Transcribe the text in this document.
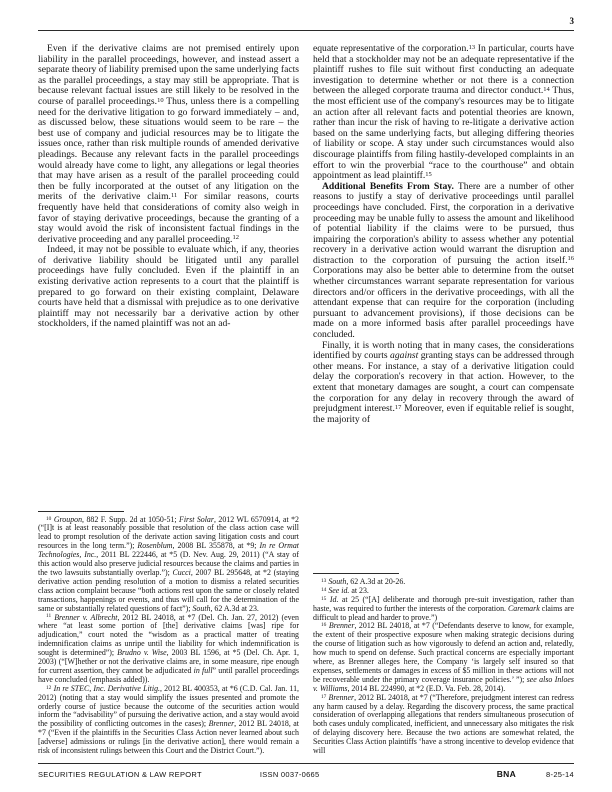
3

Even if the derivative claims are not premised entirely upon liability in the parallel proceedings, however, and instead assert a separate theory of liability premised upon the same underlying facts as the parallel proceedings, a stay may still be appropriate. That is because relevant factual issues are still likely to be resolved in the course of parallel proceedings.$^{10}$ Thus, unless there is a compelling need for the derivative litigation to go forward immediately – and, as discussed below, these situations would seem to be rare – the best use of company and judicial resources may be to litigate the issues once, rather than risk multiple rounds of amended derivative pleadings. Because any relevant facts in the parallel proceedings would already have come to light, any allegations or legal theories that may have arisen as a result of the parallel proceeding could then be fully incorporated at the outset of any litigation on the merits of the derivative claim.$^{11}$ For similar reasons, courts frequently have held that considerations of comity also weigh in favor of staying derivative proceedings, because the granting of a stay would avoid the risk of inconsistent factual findings in the derivative proceeding and any parallel proceeding.$^{12}$

Indeed, it may not be possible to evaluate which, if any, theories of derivative liability should be litigated until any parallel proceedings have fully concluded. Even if the plaintiff in an existing derivative action represents to a court that the plaintiff is prepared to go forward on their existing complaint, Delaware courts have held that a dismissal with prejudice as to one derivative plaintiff may not necessarily bar a derivative action by other stockholders, if the named plaintiff was not an ad-

$^{10}$ Groupon, 882 F. Supp. 2d at 1050-51; First Solar, 2012 WL 6570914, at *2 (“[I]t is at least reasonably possible that resolution of the class action case will lead to prompt resolution of the derivate action saving litigation costs and court resources in the long term.”); Rosenblum, 2008 BL 355878, at *9; In re Ormat Technologies, Inc., 2011 BL 222446, at *5 (D. Nev. Aug. 29, 2011) (“A stay of this action would also preserve judicial resources because the claims and parties in the two lawsuits substantially overlap.”); Cucci, 2007 BL 295648, at *2 (staying derivative action pending resolution of a motion to dismiss a related securities class action complaint because “both actions rest upon the same or closely related transactions, happenings or events, and thus will call for the determination of the same or substantially related questions of fact”); South, 62 A.3d at 23.

$^{11}$ Brenner v. Albrecht, 2012 BL 24018, at *7 (Del. Ch. Jan. 27, 2012) (even where “at least some portion of [the] derivative claims [was] ripe for adjudication,” court noted the “wisdom as a practical matter of treating indemnification claims as unripe until the liability for which indemnification is sought is determined”); Brudno v. Wise, 2003 BL 1596, at *5 (Del. Ch. Apr. 1, 2003) (“[W]hether or not the derivative claims are, in some measure, ripe enough for current assertion, they cannot be adjudicated in full” until parallel proceedings have concluded (emphasis added)).

$^{12}$ In re STEC, Inc. Derivative Litig., 2012 BL 400353, at *6 (C.D. Cal. Jan. 11, 2012) (noting that a stay would simplify the issues presented and promote the orderly course of justice because the outcome of the securities action would inform the “advisability” of pursuing the derivative action, and a stay would avoid the possibility of conflicting outcomes in the cases); Brenner, 2012 BL 24018, at *7 (“Even if the plaintiffs in the Securities Class Action never learned about such [adverse] admissions or rulings [in the derivative action], there would remain a risk of inconsistent rulings between this Court and the District Court.”).

equate representative of the corporation.$^{13}$ In particular, courts have held that a stockholder may not be an adequate representative if the plaintiff rushes to file suit without first conducting an adequate investigation to determine whether or not there is a connection between the alleged corporate trauma and director conduct.$^{14}$ Thus, the most efficient use of the company's resources may be to litigate an action after all relevant facts and potential theories are known, rather than incur the risk of having to re-litigate a derivative action based on the same underlying facts, but alleging differing theories of liability or scope. A stay under such circumstances would also discourage plaintiffs from filing hastily-developed complaints in an effort to win the proverbial “race to the courthouse” and obtain appointment as lead plaintiff.$^{15}$

Additional Benefits From Stay. There are a number of other reasons to justify a stay of derivative proceedings until parallel proceedings have concluded. First, the corporation in a derivative proceeding may be unable fully to assess the amount and likelihood of potential liability if the claims were to be pursued, thus impairing the corporation's ability to assess whether any potential recovery in a derivative action would warrant the disruption and distraction to the corporation of pursuing the action itself.$^{16}$ Corporations may also be better able to determine from the outset whether circumstances warrant separate representation for various directors and/or officers in the derivative proceedings, with all the attendant expense that can require for the corporation (including pursuant to advancement provisions), if those decisions can be made on a more informed basis after parallel proceedings have concluded.

Finally, it is worth noting that in many cases, the considerations identified by courts against granting stays can be addressed through other means. For instance, a stay of a derivative litigation could delay the corporation's recovery in that action. However, to the extent that monetary damages are sought, a court can compensate the corporation for any delay in recovery through the award of prejudgment interest.$^{17}$ Moreover, even if equitable relief is sought, the majority of

$^{13}$ South, 62 A.3d at 20-26.

$^{14}$ See id. at 23.

$^{15}$ Id. at 25 (“[A] deliberate and thorough pre-suit investigation, rather than haste, was required to further the interests of the corporation. Caremark claims are difficult to plead and harder to prove.”)

$^{16}$ Brenner, 2012 BL 24018, at *7 (“Defendants deserve to know, for example, the extent of their prospective exposure when making strategic decisions during the course of litigation such as how vigorously to defend an action and, relatedly, how much to spend on defense. Such practical concerns are especially important where, as Brenner alleges here, the Company ‘is largely self insured so that expenses, settlements or damages in excess of $5 million in these actions will not be recoverable under the primary coverage insurance policies.’ ”); see also Inloes v. Williams, 2014 BL 224990, at *2 (E.D. Va. Feb. 28, 2014).

$^{17}$ Brenner, 2012 BL 24018, at *7 (“Therefore, prejudgment interest can redress any harm caused by a delay. Regarding the discovery process, the same practical consideration of overlapping allegations that renders simultaneous prosecution of both cases unduly complicated, inefficient, and unnecessary also mitigates the risk of delaying discovery here. Because the two actions are somewhat related, the Securities Class Action plaintiffs ‘have a strong incentive to develop evidence that will

SECURITIES REGULATION & LAW REPORT	ISSN 0037-0665	BNA	8-25-14
